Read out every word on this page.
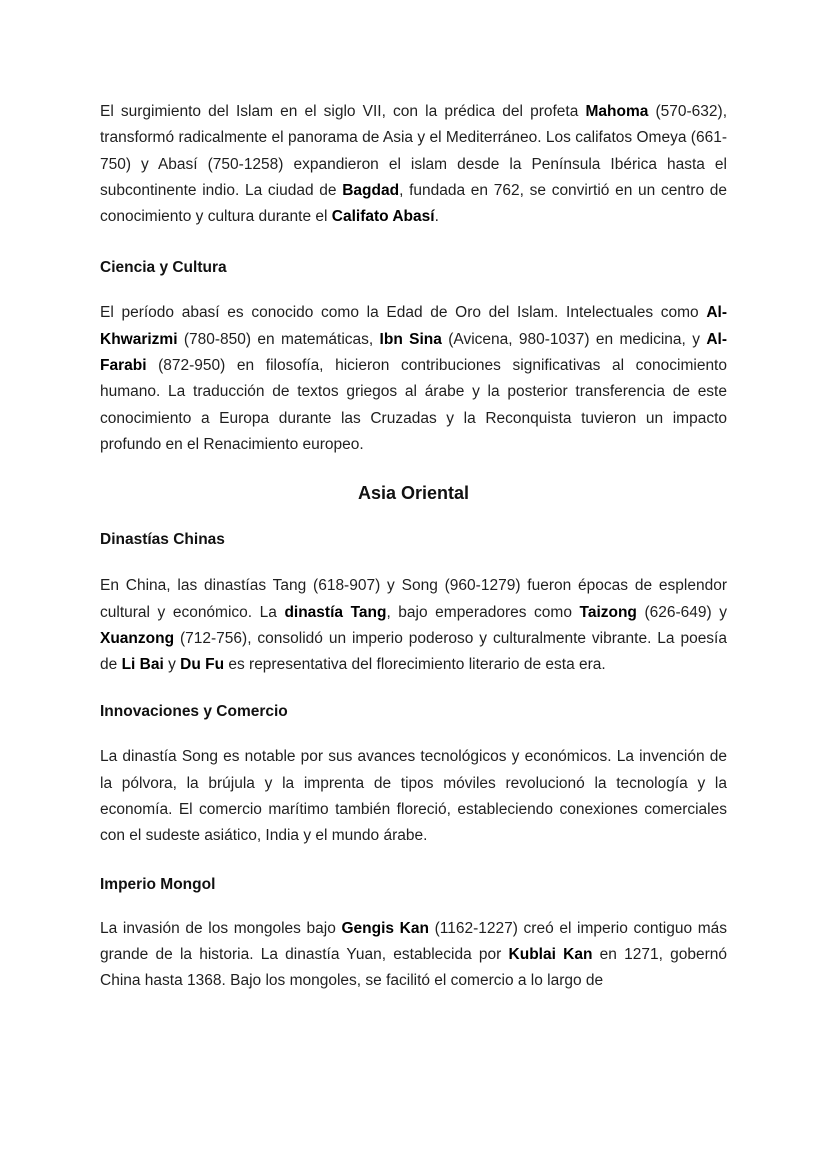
El surgimiento del Islam en el siglo VII, con la prédica del profeta Mahoma (570-632), transformó radicalmente el panorama de Asia y el Mediterráneo. Los califatos Omeya (661-750) y Abasí (750-1258) expandieron el islam desde la Península Ibérica hasta el subcontinente indio. La ciudad de Bagdad, fundada en 762, se convirtió en un centro de conocimiento y cultura durante el Califato Abasí.

Ciencia y Cultura

El período abasí es conocido como la Edad de Oro del Islam. Intelectuales como Al-Khwarizmi (780-850) en matemáticas, Ibn Sina (Avicena, 980-1037) en medicina, y Al-Farabi (872-950) en filosofía, hicieron contribuciones significativas al conocimiento humano. La traducción de textos griegos al árabe y la posterior transferencia de este conocimiento a Europa durante las Cruzadas y la Reconquista tuvieron un impacto profundo en el Renacimiento europeo.

Asia Oriental
Dinastías Chinas

En China, las dinastías Tang (618-907) y Song (960-1279) fueron épocas de esplendor cultural y económico. La dinastía Tang, bajo emperadores como Taizong (626-649) y Xuanzong (712-756), consolidó un imperio poderoso y culturalmente vibrante. La poesía de Li Bai y Du Fu es representativa del florecimiento literario de esta era.

Innovaciones y Comercio

La dinastía Song es notable por sus avances tecnológicos y económicos. La invención de la pólvora, la brújula y la imprenta de tipos móviles revolucionó la tecnología y la economía. El comercio marítimo también floreció, estableciendo conexiones comerciales con el sudeste asiático, India y el mundo árabe.

Imperio Mongol

La invasión de los mongoles bajo Gengis Kan (1162-1227) creó el imperio contiguo más grande de la historia. La dinastía Yuan, establecida por Kublai Kan en 1271, gobernó China hasta 1368. Bajo los mongoles, se facilitó el comercio a lo largo de
